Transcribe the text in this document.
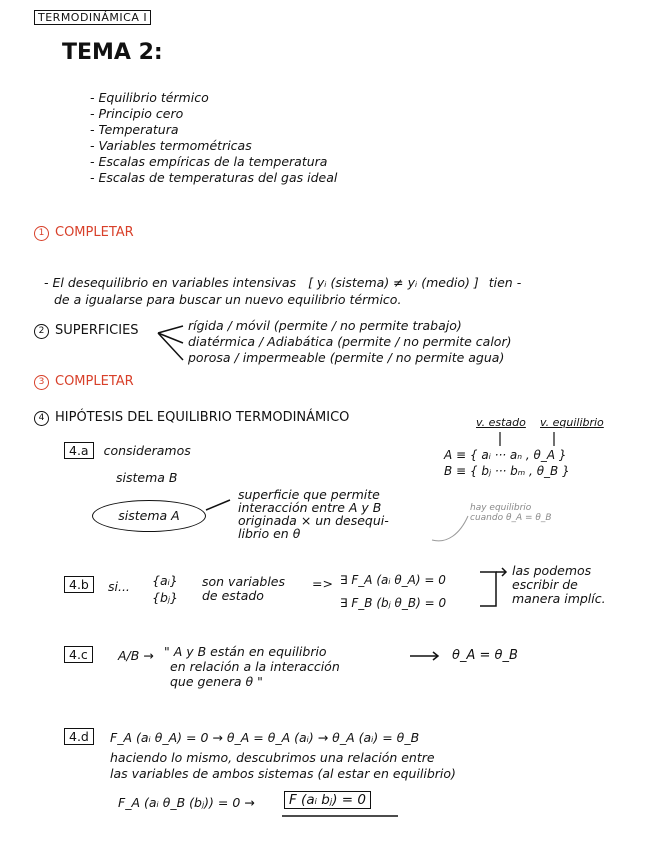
TERMODINÁMICA I
TEMA 2:
- Equilibrio térmico
- Principio cero
- Temperatura
- Variables termométricas
- Escalas empíricas de la temperatura
- Escalas de temperaturas del gas ideal
1 COMPLETAR
- El desequilibrio en variables intensivas [ yᵢ (sistema) ≠ yᵢ (medio) ] tien -
de a igualarse para buscar un nuevo equilibrio térmico.
2 SUPERFICIES	rígida / móvil (permite / no permite trabajo)
diatérmica / Adiabática (permite / no permite calor)
porosa / impermeable (permite / no permite agua)
3 COMPLETAR
4 HIPÓTESIS DEL EQUILIBRIO TERMODINÁMICO	v. estado v. equilibrio
A ≡ { aᵢ ··· aₙ , θ_A }
B ≡ { bⱼ ··· bₘ , θ_B }
4.a consideramos
sistema B
sistema A
superficie que permite
interacción entre A y B
originada × un desequi-
librio en θ
hay equilibrio
cuando θ_A = θ_B
4.b	si... {aᵢ}
{bⱼ}
son variables
de estado
=> ∃ F_A (aᵢ θ_A) = 0
∃ F_B (bⱼ θ_B) = 0
las podemos
escribir de
manera implíc.
4.c	A/B → " A y B están en equilibrio
en relación a la interacción
que genera θ "
θ_A = θ_B
4.d	F_A (aᵢ θ_A) = 0 → θ_A = θ_A (aᵢ) → θ_A (aᵢ) = θ_B
haciendo lo mismo, descubrimos una relación entre
las variables de ambos sistemas (al estar en equilibrio)
F_A (aᵢ θ_B (bⱼ)) = 0 →	F (aᵢ bⱼ) = 0
